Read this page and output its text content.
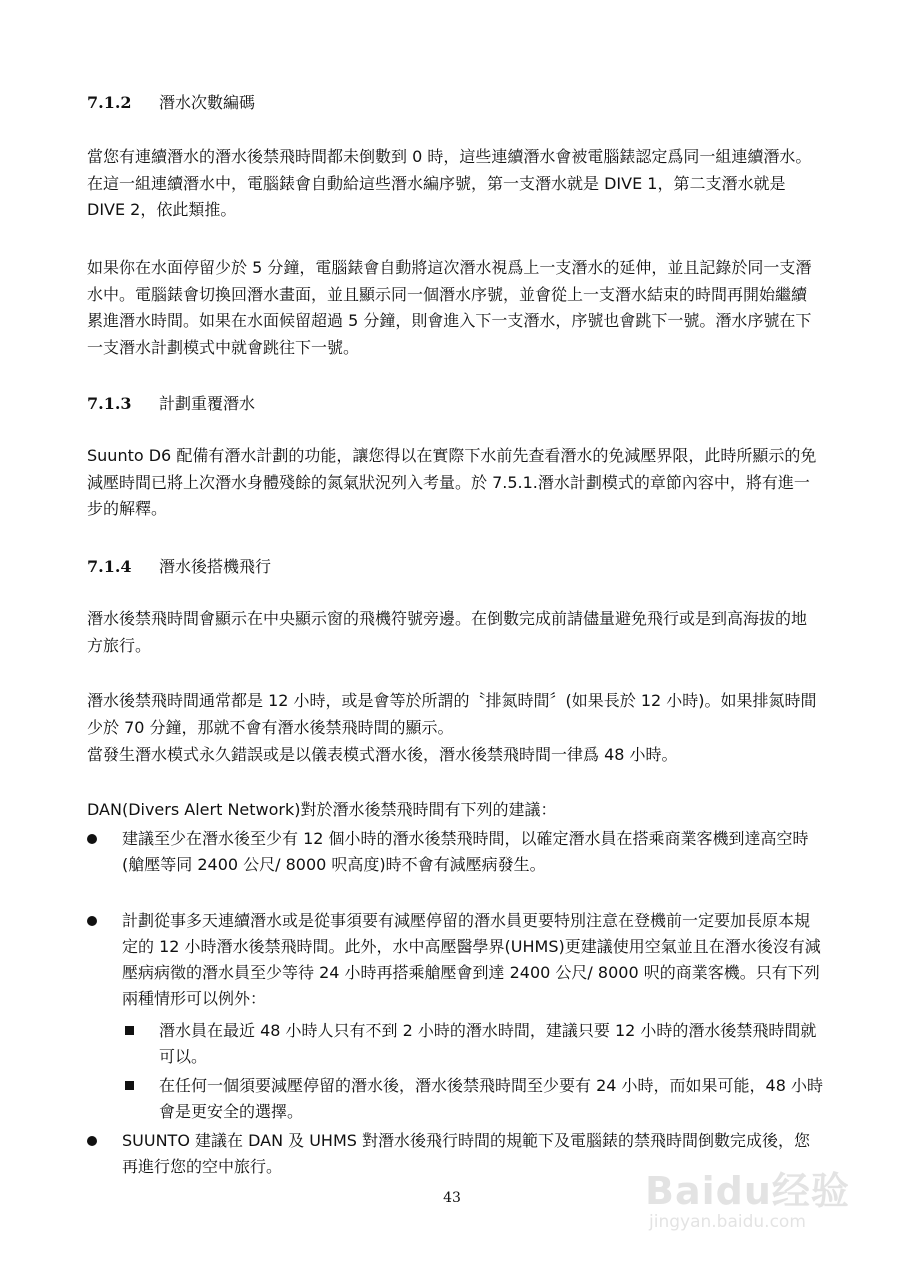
7.1.2 潛水次數編碼

當您有連續潛水的潛水後禁飛時間都未倒數到 0 時，這些連續潛水會被電腦錶認定爲同一組連續潛水。在這一組連續潛水中，電腦錶會自動給這些潛水編序號，第一支潛水就是 DIVE 1，第二支潛水就是 DIVE 2，依此類推。

如果你在水面停留少於 5 分鐘，電腦錶會自動將這次潛水視爲上一支潛水的延伸，並且記錄於同一支潛水中。電腦錶會切換回潛水畫面，並且顯示同一個潛水序號，並會從上一支潛水結束的時間再開始繼續累進潛水時間。如果在水面候留超過 5 分鐘，則會進入下一支潛水，序號也會跳下一號。潛水序號在下一支潛水計劃模式中就會跳往下一號。

7.1.3 計劃重覆潛水

Suunto D6 配備有潛水計劃的功能，讓您得以在實際下水前先查看潛水的免減壓界限，此時所顯示的免減壓時間已將上次潛水身體殘餘的氮氣狀況列入考量。於 7.5.1.潛水計劃模式的章節內容中，將有進一步的解釋。

7.1.4 潛水後搭機飛行

潛水後禁飛時間會顯示在中央顯示窗的飛機符號旁邊。在倒數完成前請儘量避免飛行或是到高海拔的地方旅行。

潛水後禁飛時間通常都是 12 小時，或是會等於所謂的〝排氮時間〞(如果長於 12 小時)。如果排氮時間少於 70 分鐘，那就不會有潛水後禁飛時間的顯示。

當發生潛水模式永久錯誤或是以儀表模式潛水後，潛水後禁飛時間一律爲 48 小時。

DAN(Divers Alert Network)對於潛水後禁飛時間有下列的建議：

建議至少在潛水後至少有 12 個小時的潛水後禁飛時間，以確定潛水員在搭乘商業客機到達高空時(艙壓等同 2400 公尺/ 8000 呎高度)時不會有減壓病發生。
計劃從事多天連續潛水或是從事須要有減壓停留的潛水員更要特別注意在登機前一定要加長原本規定的 12 小時潛水後禁飛時間。此外，水中高壓醫學界(UHMS)更建議使用空氣並且在潛水後沒有減壓病病徵的潛水員至少等待 24 小時再搭乘艙壓會到達 2400 公尺/ 8000 呎的商業客機。只有下列兩種情形可以例外：
潛水員在最近 48 小時人只有不到 2 小時的潛水時間，建議只要 12 小時的潛水後禁飛時間就可以。
在任何一個須要減壓停留的潛水後，潛水後禁飛時間至少要有 24 小時，而如果可能，48 小時會是更安全的選擇。
SUUNTO 建議在 DAN 及 UHMS 對潛水後飛行時間的規範下及電腦錶的禁飛時間倒數完成後，您再進行您的空中旅行。
43	Baidu经验
jingyan.baidu.com
